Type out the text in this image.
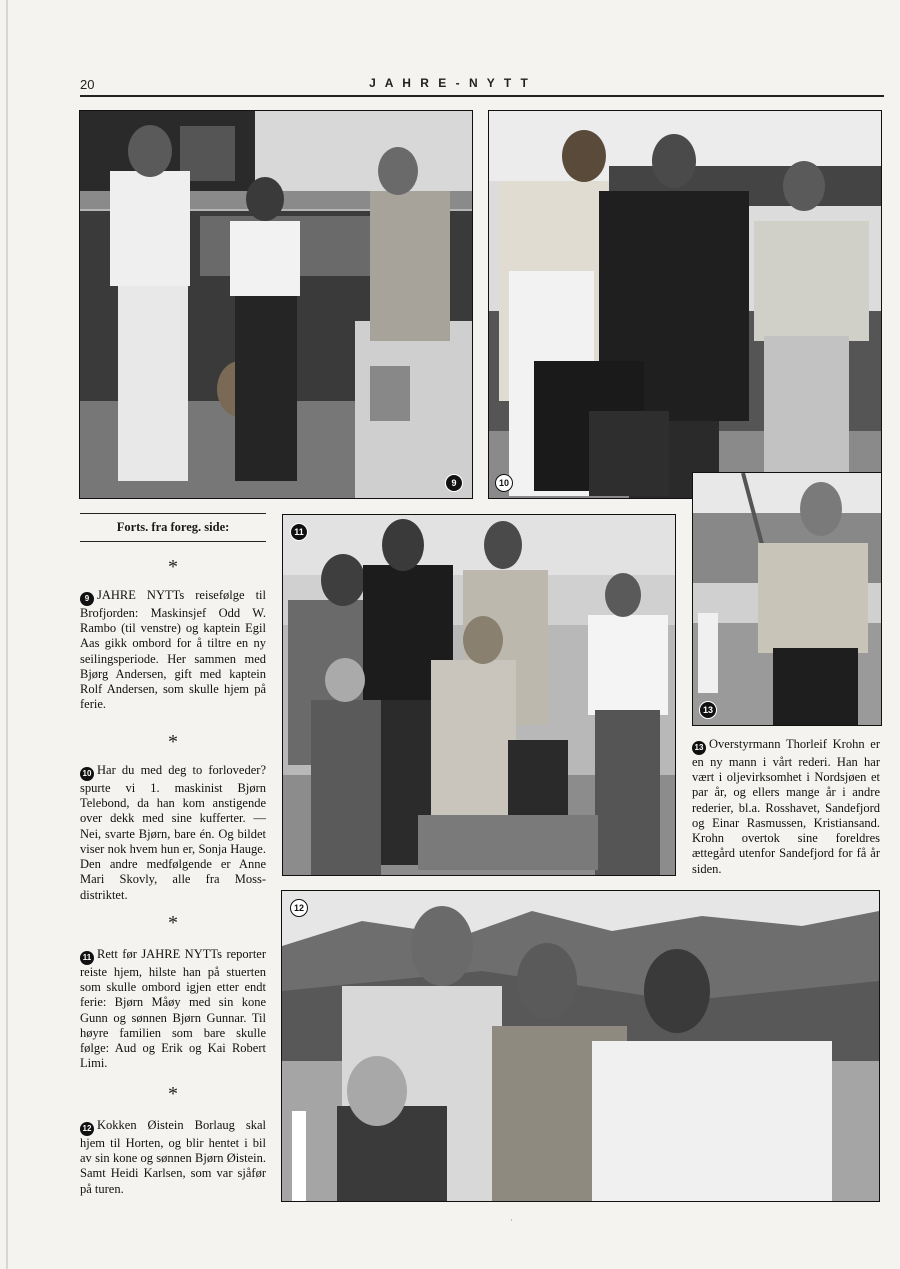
20	J A H R E - N Y T T
9	10
13
11
12
Forts. fra foreg. side:
*

9 JAHRE NYTTs reisefølge til Brofjorden: Maskinsjef Odd W. Rambo (til venstre) og kaptein Egil Aas gikk ombord for å tiltre en ny seilingsperiode. Her sammen med Bjørg Andersen, gift med kaptein Rolf Andersen, som skulle hjem på ferie.

*

10 Har du med deg to forloveder? spurte vi 1. maskinist Bjørn Telebond, da han kom anstigende over dekk med sine kufferter. — Nei, svarte Bjørn, bare én. Og bildet viser nok hvem hun er, Sonja Hauge. Den andre medfølgende er Anne Mari Skovly, alle fra Moss- distriktet.

*

11 Rett før JAHRE NYTTs reporter reiste hjem, hilste han på stuerten som skulle ombord igjen etter endt ferie: Bjørn Måøy med sin kone Gunn og sønnen Bjørn Gunnar. Til høyre familien som bare skulle følge: Aud og Erik og Kai Robert Limi.

*

12 Kokken Øistein Borlaug skal hjem til Horten, og blir hentet i bil av sin kone og sønnen Bjørn Øistein. Samt Heidi Karlsen, som var sjåfør på turen.

13 Overstyrmann Thorleif Krohn er en ny mann i vårt rederi. Han har vært i oljevirksomhet i Nordsjøen et par år, og ellers mange år i andre rederier, bl.a. Rosshavet, Sandefjord og Einar Rasmussen, Kristiansand. Krohn overtok sine foreldres ættegård utenfor Sandefjord for få år siden.

·
